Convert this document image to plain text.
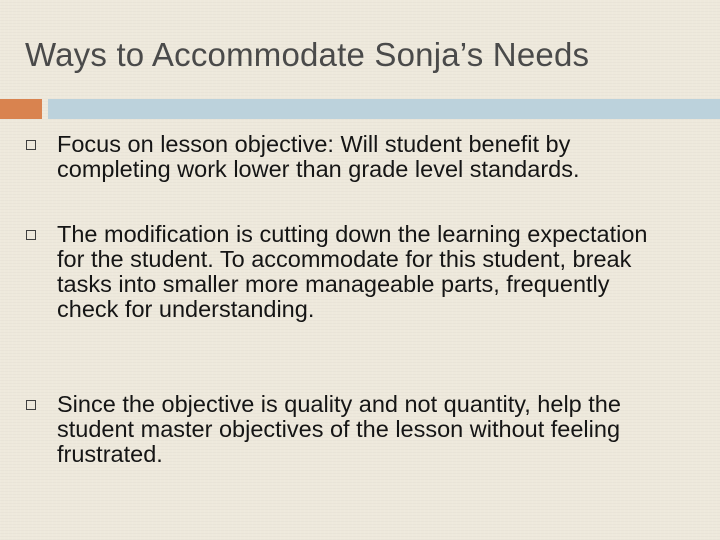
Ways to Accommodate Sonja’s Needs
Focus on lesson objective: Will student benefit by completing work lower than grade level standards.
The modification is cutting down the learning expectation for the student. To accommodate for this student, break tasks into smaller more manageable parts, frequently check for understanding.
Since the objective is quality and not quantity, help the student master objectives of the lesson without feeling frustrated.
